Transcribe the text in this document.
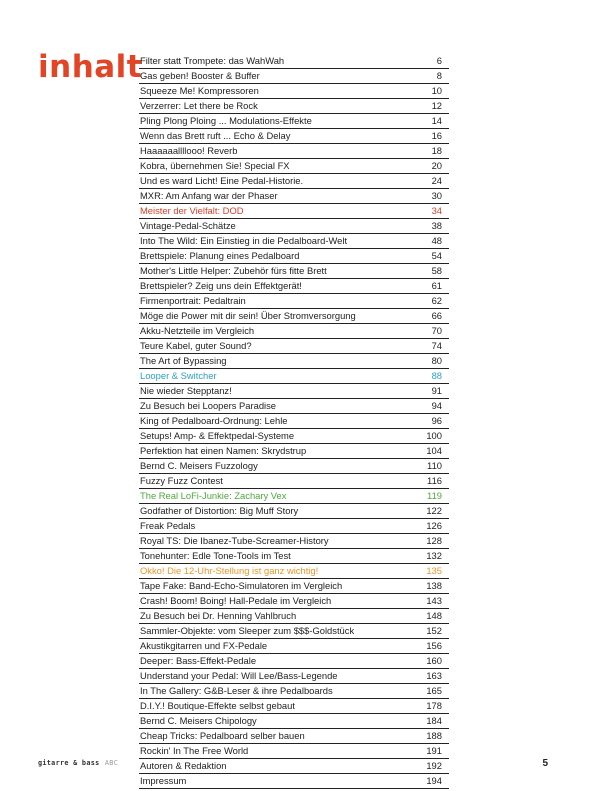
inhalt
Filter statt Trompete: das WahWah	6
Gas geben! Booster & Buffer	8
Squeeze Me! Kompressoren	10
Verzerrer: Let there be Rock	12
Pling Plong Ploing ... Modulations-Effekte	14
Wenn das Brett ruft ... Echo & Delay	16
Haaaaaallllooo! Reverb	18
Kobra, übernehmen Sie! Special FX	20
Und es ward Licht! Eine Pedal-Historie.	24
MXR: Am Anfang war der Phaser	30
Meister der Vielfalt: DOD	34
Vintage-Pedal-Schätze	38
Into The Wild: Ein Einstieg in die Pedalboard-Welt	48
Brettspiele: Planung eines Pedalboard	54
Mother's Little Helper: Zubehör fürs fitte Brett	58
Brettspieler? Zeig uns dein Effektgerät!	61
Firmenportrait: Pedaltrain	62
Möge die Power mit dir sein! Über Stromversorgung	66
Akku-Netzteile im Vergleich	70
Teure Kabel, guter Sound?	74
The Art of Bypassing	80
Looper & Switcher	88
Nie wieder Stepptanz!	91
Zu Besuch bei Loopers Paradise	94
King of Pedalboard-Ordnung: Lehle	96
Setups! Amp- & Effektpedal-Systeme	100
Perfektion hat einen Namen: Skrydstrup	104
Bernd C. Meisers Fuzzology	110
Fuzzy Fuzz Contest	116
The Real LoFi-Junkie: Zachary Vex	119
Godfather of Distortion: Big Muff Story	122
Freak Pedals	126
Royal TS: Die Ibanez-Tube-Screamer-History	128
Tonehunter: Edle Tone-Tools im Test	132
Okko! Die 12-Uhr-Stellung ist ganz wichtig!	135
Tape Fake: Band-Echo-Simulatoren im Vergleich	138
Crash! Boom! Boing! Hall-Pedale im Vergleich	143
Zu Besuch bei Dr. Henning Vahlbruch	148
Sammler-Objekte: vom Sleeper zum $$$-Goldstück	152
Akustikgitarren und FX-Pedale	156
Deeper: Bass-Effekt-Pedale	160
Understand your Pedal: Will Lee/Bass-Legende	163
In The Gallery: G&B-Leser & ihre Pedalboards	165
D.I.Y.! Boutique-Effekte selbst gebaut	178
Bernd C. Meisers Chipology	184
Cheap Tricks: Pedalboard selber bauen	188
Rockin' In The Free World	191
Autoren & Redaktion	192
Impressum	194
gitarre & bass ABC	5
